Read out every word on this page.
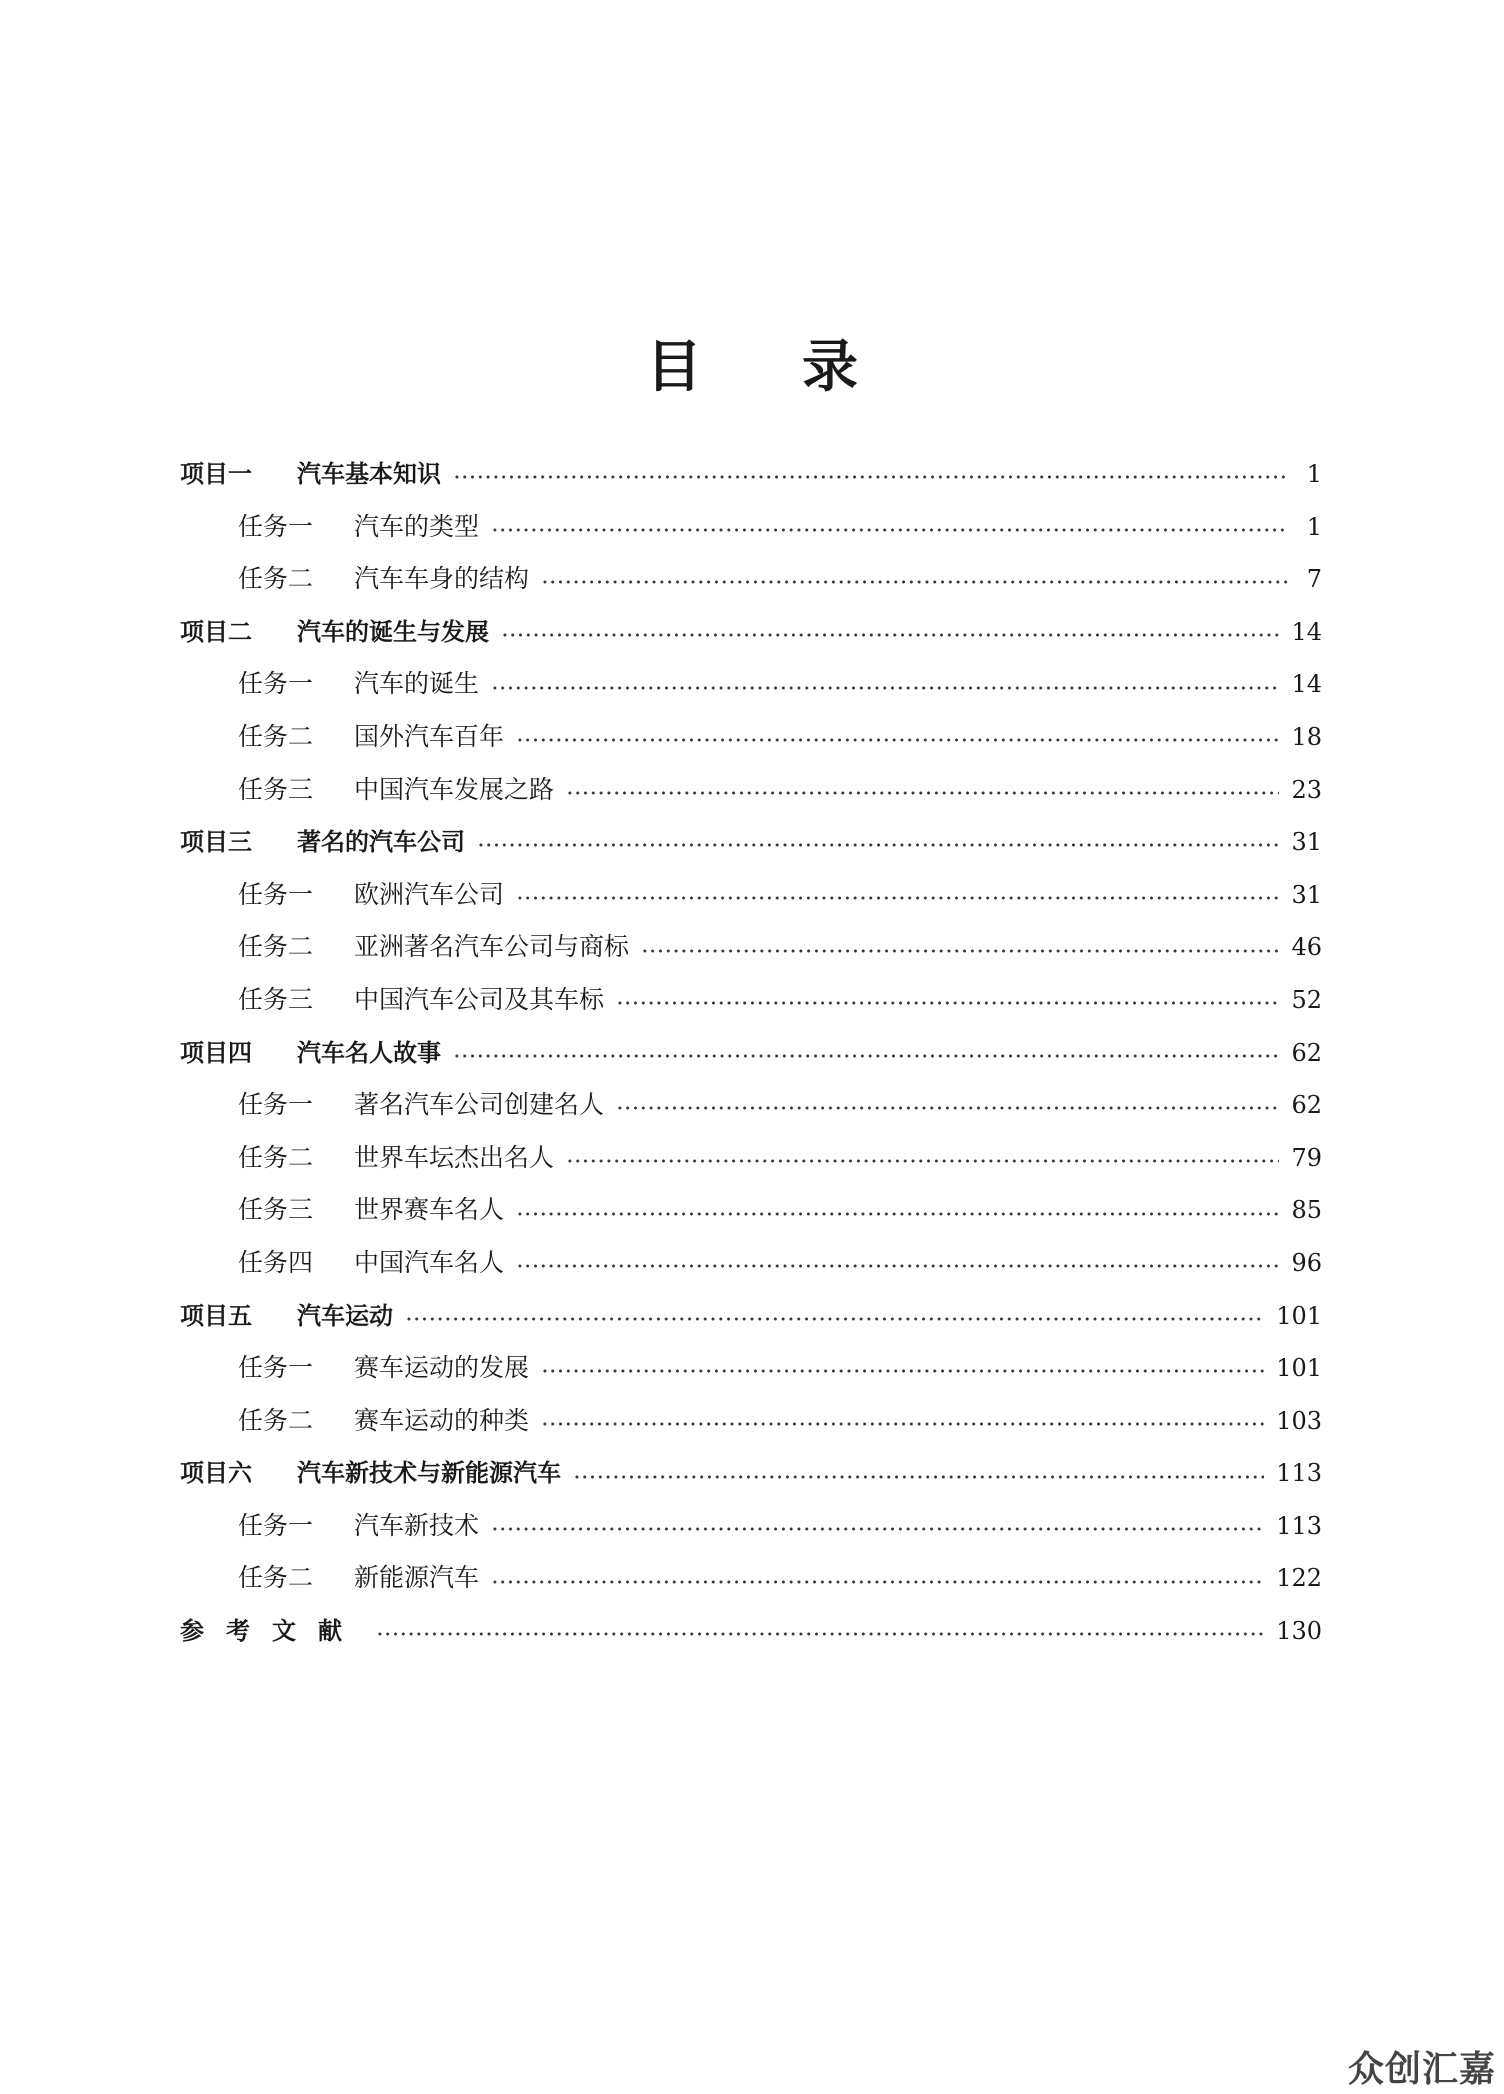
目 录
项目一	汽车基本知识	1
任务一	汽车的类型	1
任务二	汽车车身的结构	7
项目二	汽车的诞生与发展	14
任务一	汽车的诞生	14
任务二	国外汽车百年	18
任务三	中国汽车发展之路	23
项目三	著名的汽车公司	31
任务一	欧洲汽车公司	31
任务二	亚洲著名汽车公司与商标	46
任务三	中国汽车公司及其车标	52
项目四	汽车名人故事	62
任务一	著名汽车公司创建名人	62
任务二	世界车坛杰出名人	79
任务三	世界赛车名人	85
任务四	中国汽车名人	96
项目五	汽车运动	101
任务一	赛车运动的发展	101
任务二	赛车运动的种类	103
项目六	汽车新技术与新能源汽车	113
任务一	汽车新技术	113
任务二	新能源汽车	122
参考文献	130
众创汇嘉
